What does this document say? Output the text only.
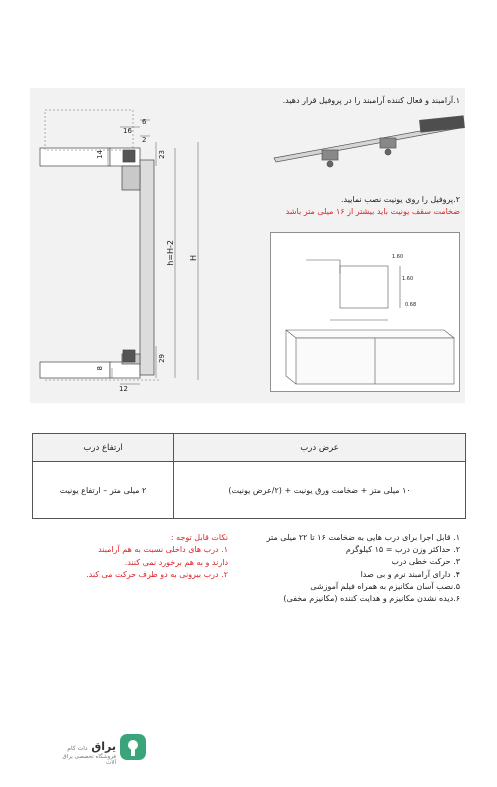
6
16
2
23
14
h=H-2 H
29
8
12
۱.آرامبند و فعال کننده آرامبند را در پروفیل قرار دهید.
۲.پروفیل را روی یونیت نصب نمایید.
ضخامت سقف یونیت باید بیشتر از ۱۶ میلی متر باشد
1.60
1.60
0.68
عرض درب	ارتفاع درب
۱۰ میلی متر + ضخامت ورق یونیت + (۲/عرض یونیت)	۲ میلی متر – ارتفاع یونیت
۱. قابل اجرا برای درب هایی به ضخامت ۱۶ تا ۲۲ میلی متر
۲. حداکثر وزن درب = ۱۵ کیلوگرم
۳. حرکت خطی درب
۴. دارای آرامبند نرم و بی صدا
۵.نصب آسان مکانیزم به همراه فیلم آموزشی
۶.دیده نشدن مکانیزم و هدایت کننده (مکانیزم مخفی)
نکات قابل توجه :
۱. درب های داخلی نسبت به هم آرامبند
دارند و به هم برخورد نمی کنند.
۲. درب بیرونی به دو طرف حرکت می کند.
یراق دات کام
فروشگاه تخصصی یراق آلات
